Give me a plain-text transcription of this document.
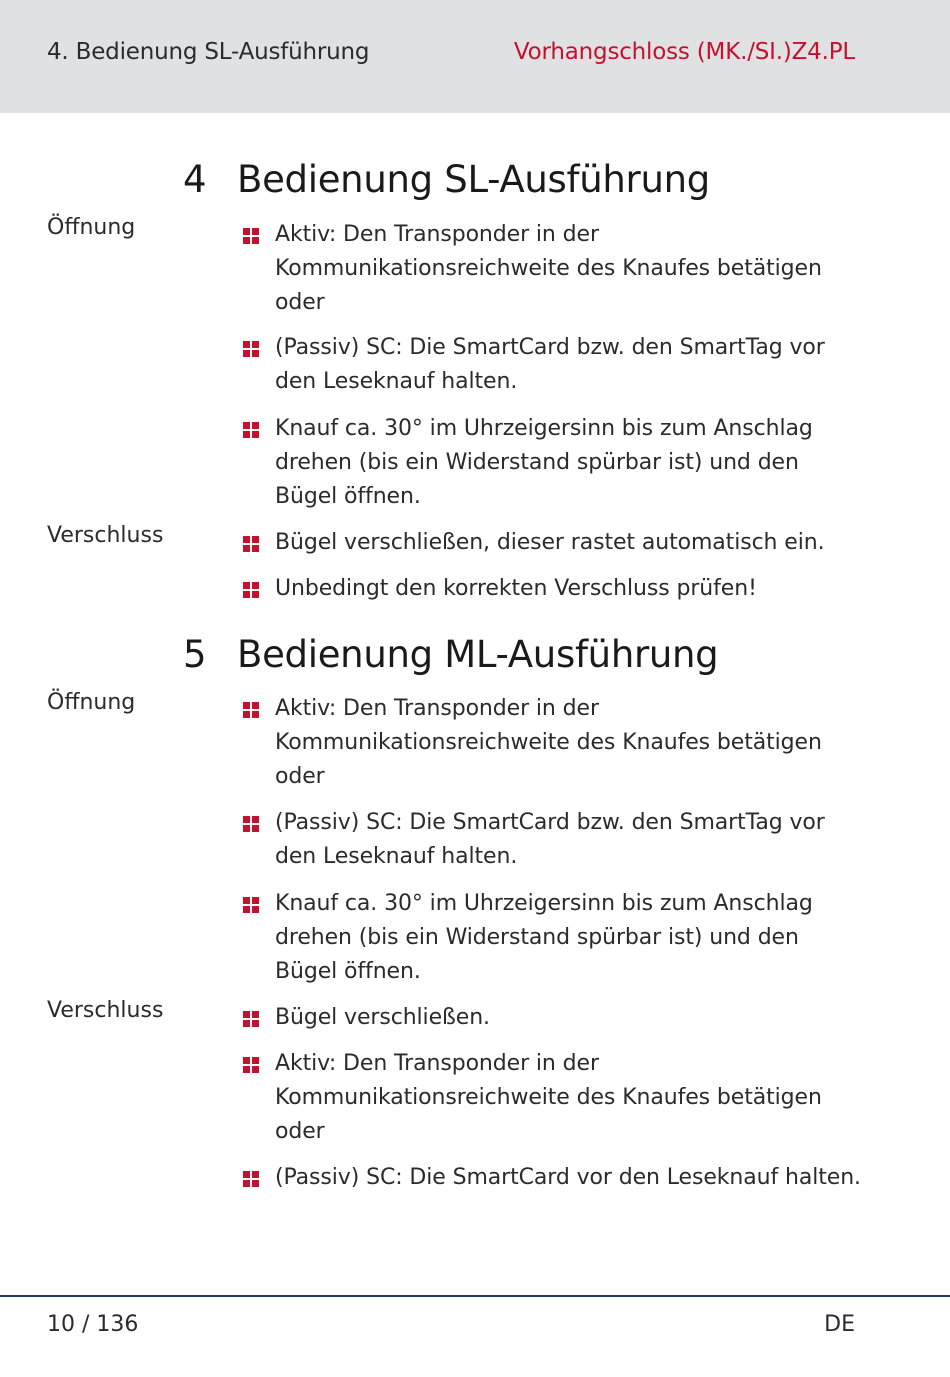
4. Bedienung SL-Ausführung	Vorhangschloss (MK./SI.)Z4.PL
4 Bedienung SL-Ausführung
Öffnung	Aktiv: Den Transponder in der Kommunikationsreichweite des Knaufes betätigen oder
(Passiv) SC: Die SmartCard bzw. den SmartTag vor den Leseknauf halten.
Knauf ca. 30° im Uhrzeigersinn bis zum Anschlag drehen (bis ein Widerstand spürbar ist) und den Bügel öffnen.
Verschluss	Bügel verschließen, dieser rastet automatisch ein.
Unbedingt den korrekten Verschluss prüfen!
5 Bedienung ML-Ausführung
Öffnung	Aktiv: Den Transponder in der Kommunikationsreichweite des Knaufes betätigen oder
(Passiv) SC: Die SmartCard bzw. den SmartTag vor den Leseknauf halten.
Knauf ca. 30° im Uhrzeigersinn bis zum Anschlag drehen (bis ein Widerstand spürbar ist) und den Bügel öffnen.
Verschluss	Bügel verschließen.
Aktiv: Den Transponder in der Kommunikationsreichweite des Knaufes betätigen oder
(Passiv) SC: Die SmartCard vor den Leseknauf halten.
10 / 136	DE
